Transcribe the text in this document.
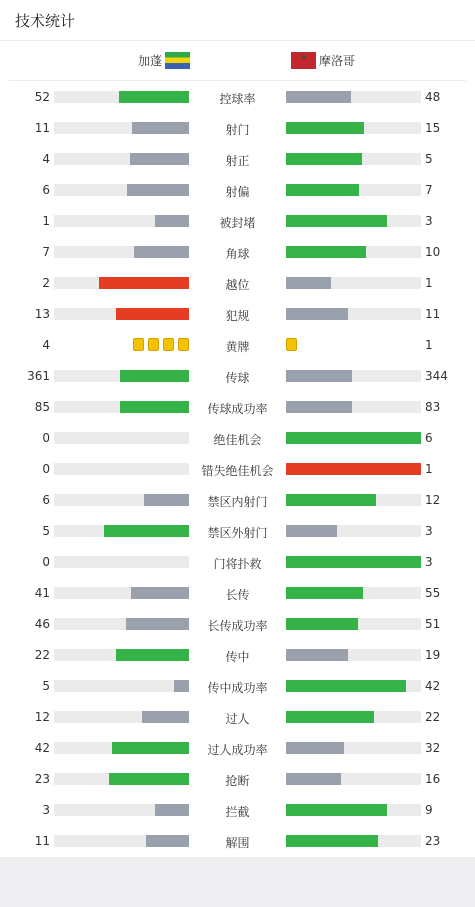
技术统计
加蓬
✶	摩洛哥
52	控球率	48
11	射门	15
4	射正	5
6	射偏	7
1	被封堵	3
7	角球	10
2	越位	1
13	犯规	11
4	黄牌	1
361	传球	344
85	传球成功率	83
0	绝佳机会	6
0	错失绝佳机会	1
6	禁区内射门	12
5	禁区外射门	3
0	门将扑救	3
41	长传	55
46	长传成功率	51
22	传中	19
5	传中成功率	42
12	过人	22
42	过人成功率	32
23	抢断	16
3	拦截	9
11	解围	23
